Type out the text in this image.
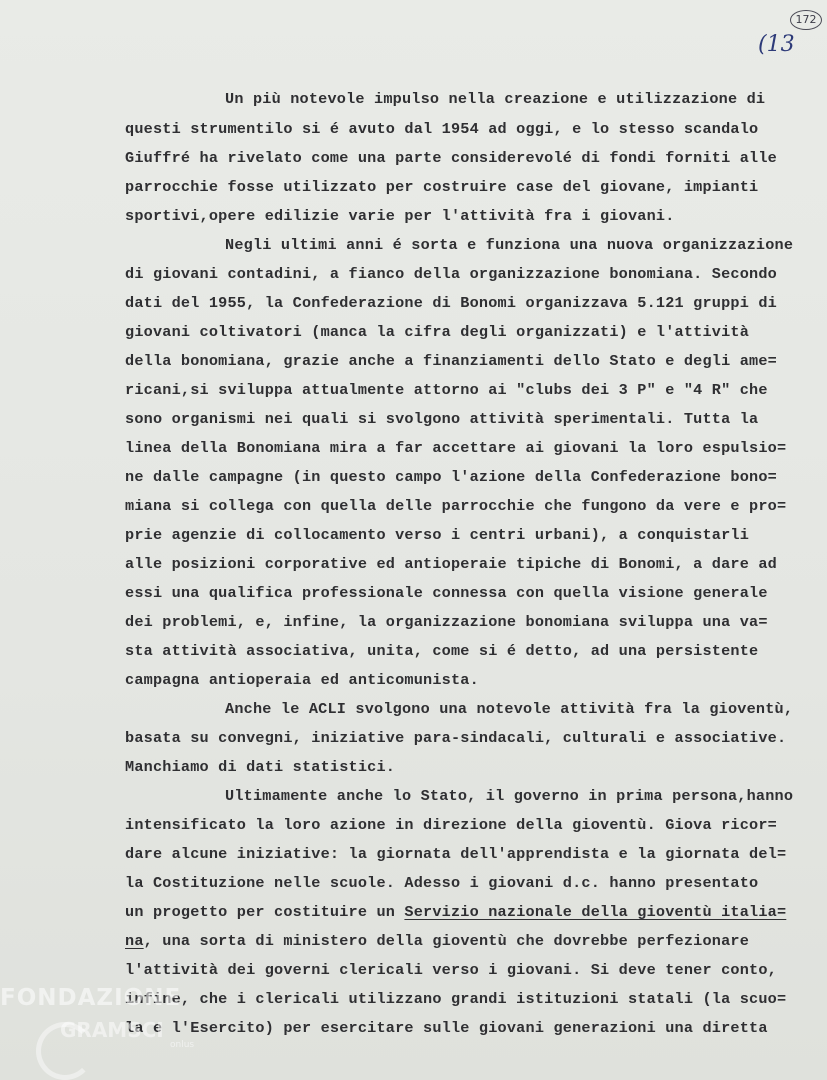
172
(13
Un più notevole impulso nella creazione e utilizzazione di
questi strumentilo si é avuto dal 1954 ad oggi, e lo stesso scandalo
Giuffré ha rivelato come una parte considerevolé di fondi forniti alle
parrocchie fosse utilizzato per costruire case del giovane, impianti
sportivi,opere edilizie varie per l'attività fra i giovani.
Negli ultimi anni é sorta e funziona una nuova organizzazione
di giovani contadini, a fianco della organizzazione bonomiana. Secondo
dati del 1955, la Confederazione di Bonomi organizzava 5.121 gruppi di
giovani coltivatori (manca la cifra degli organizzati) e l'attività
della bonomiana, grazie anche a finanziamenti dello Stato e degli ame=
ricani,si sviluppa attualmente attorno ai "clubs dei 3 P" e "4 R" che
sono organismi nei quali si svolgono attività sperimentali. Tutta la
linea della Bonomiana mira a far accettare ai giovani la loro espulsio=
ne dalle campagne (in questo campo l'azione della Confederazione bono=
miana si collega con quella delle parrocchie che fungono da vere e pro=
prie agenzie di collocamento verso i centri urbani), a conquistarli
alle posizioni corporative ed antioperaie tipiche di Bonomi, a dare ad
essi una qualifica professionale connessa con quella visione generale
dei problemi, e, infine, la organizzazione bonomiana sviluppa una va=
sta attività associativa, unita, come si é detto, ad una persistente
campagna antioperaia ed anticomunista.
Anche le ACLI svolgono una notevole attività fra la gioventù,
basata su convegni, iniziative para-sindacali, culturali e associative.
Manchiamo di dati statistici.
Ultimamente anche lo Stato, il governo in prima persona,hanno
intensificato la loro azione in direzione della gioventù. Giova ricor=
dare alcune iniziative: la giornata dell'apprendista e la giornata del=
la Costituzione nelle scuole. Adesso i giovani d.c. hanno presentato
un progetto per costituire un Servizio nazionale della gioventù italia=
na, una sorta di ministero della gioventù che dovrebbe perfezionare
l'attività dei governi clericali verso i giovani. Si deve tener conto,
infine, che i clericali utilizzano grandi istituzioni statali (la scuo=
la e l'Esercito) per esercitare sulle giovani generazioni una diretta
FONDAZIONE
GRAMSCI
onlus
